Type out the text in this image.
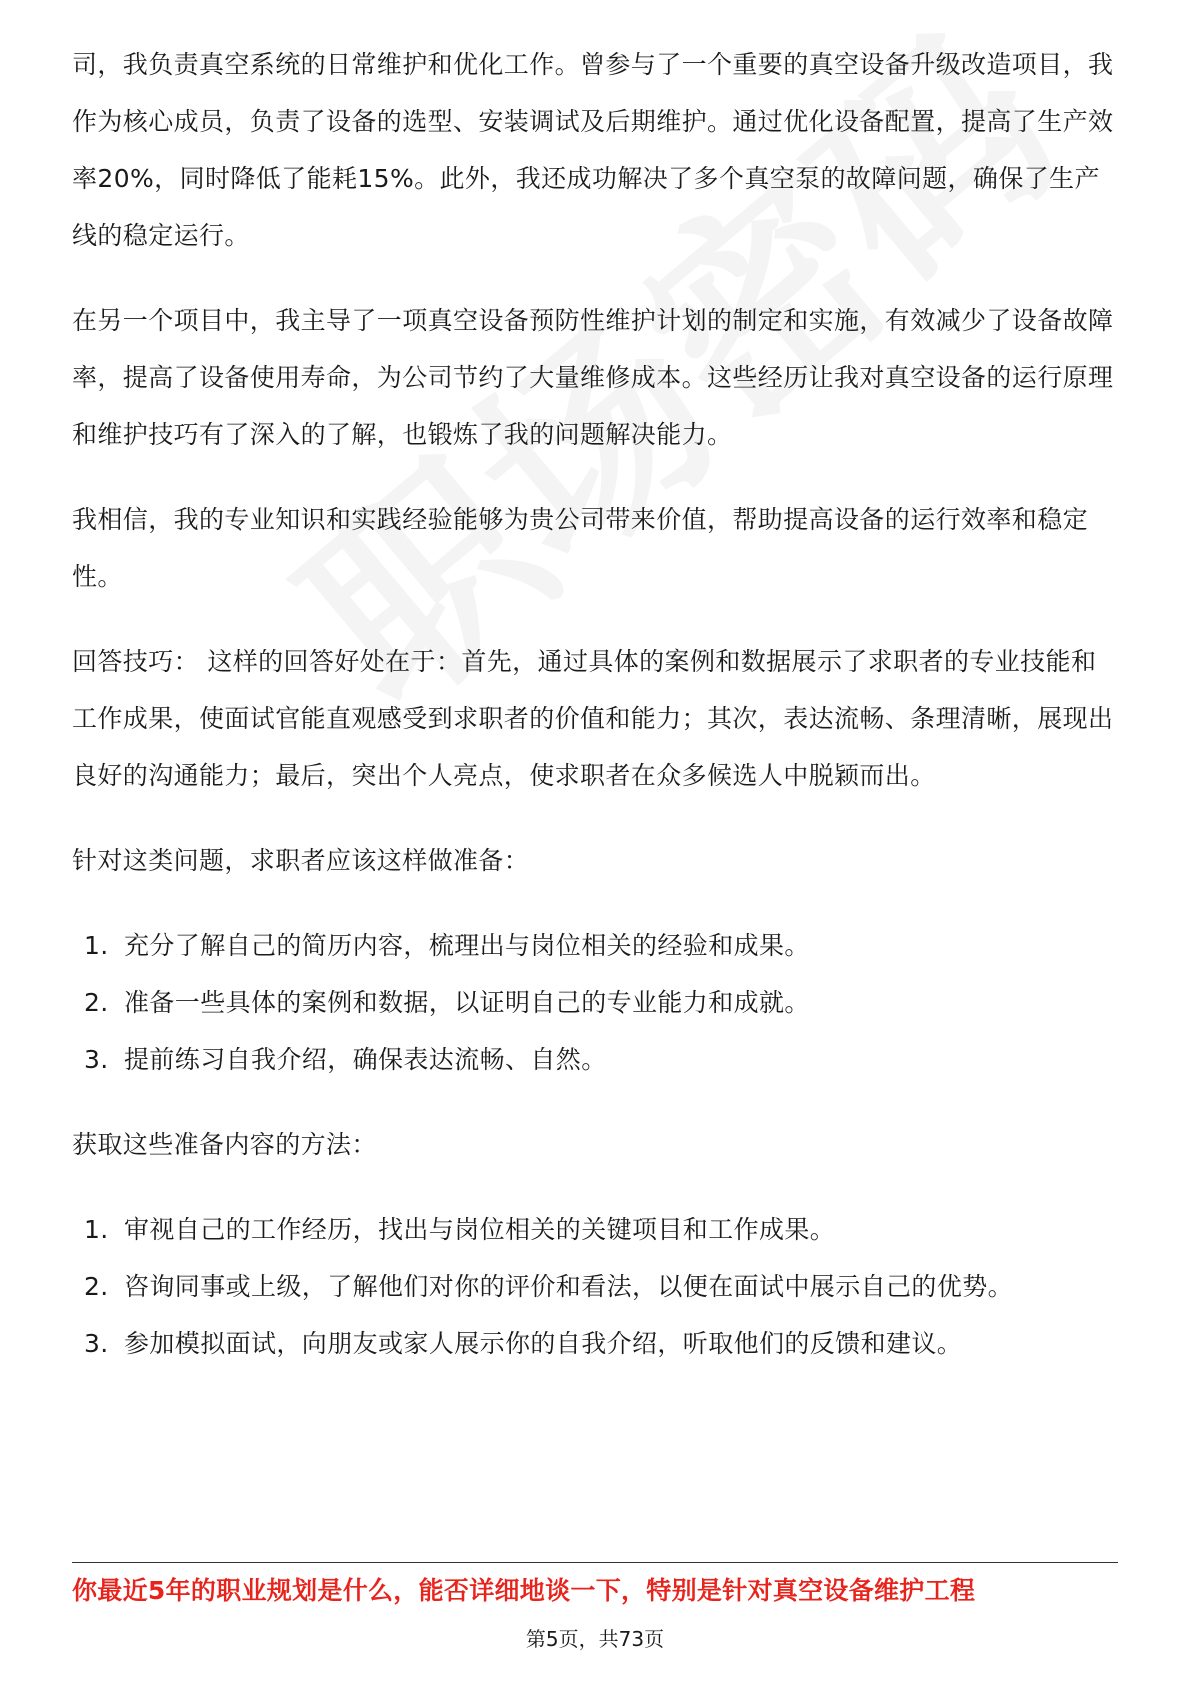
司，我负责真空系统的日常维护和优化工作。曾参与了一个重要的真空设备升级改造项目，我作为核心成员，负责了设备的选型、安装调试及后期维护。通过优化设备配置，提高了生产效率20%，同时降低了能耗15%。此外，我还成功解决了多个真空泵的故障问题，确保了生产线的稳定运行。

在另一个项目中，我主导了一项真空设备预防性维护计划的制定和实施，有效减少了设备故障率，提高了设备使用寿命，为公司节约了大量维修成本。这些经历让我对真空设备的运行原理和维护技巧有了深入的了解，也锻炼了我的问题解决能力。

我相信，我的专业知识和实践经验能够为贵公司带来价值，帮助提高设备的运行效率和稳定性。

回答技巧： 这样的回答好处在于：首先，通过具体的案例和数据展示了求职者的专业技能和工作成果，使面试官能直观感受到求职者的价值和能力；其次，表达流畅、条理清晰，展现出良好的沟通能力；最后，突出个人亮点，使求职者在众多候选人中脱颖而出。

针对这类问题，求职者应该这样做准备：

1. 充分了解自己的简历内容，梳理出与岗位相关的经验和成果。
2. 准备一些具体的案例和数据，以证明自己的专业能力和成就。
3. 提前练习自我介绍，确保表达流畅、自然。

获取这些准备内容的方法：

1. 审视自己的工作经历，找出与岗位相关的关键项目和工作成果。
2. 咨询同事或上级，了解他们对你的评价和看法，以便在面试中展示自己的优势。
3. 参加模拟面试，向朋友或家人展示你的自我介绍，听取他们的反馈和建议。
你最近5年的职业规划是什么，能否详细地谈一下，特别是针对真空设备维护工程
第5页，共73页
